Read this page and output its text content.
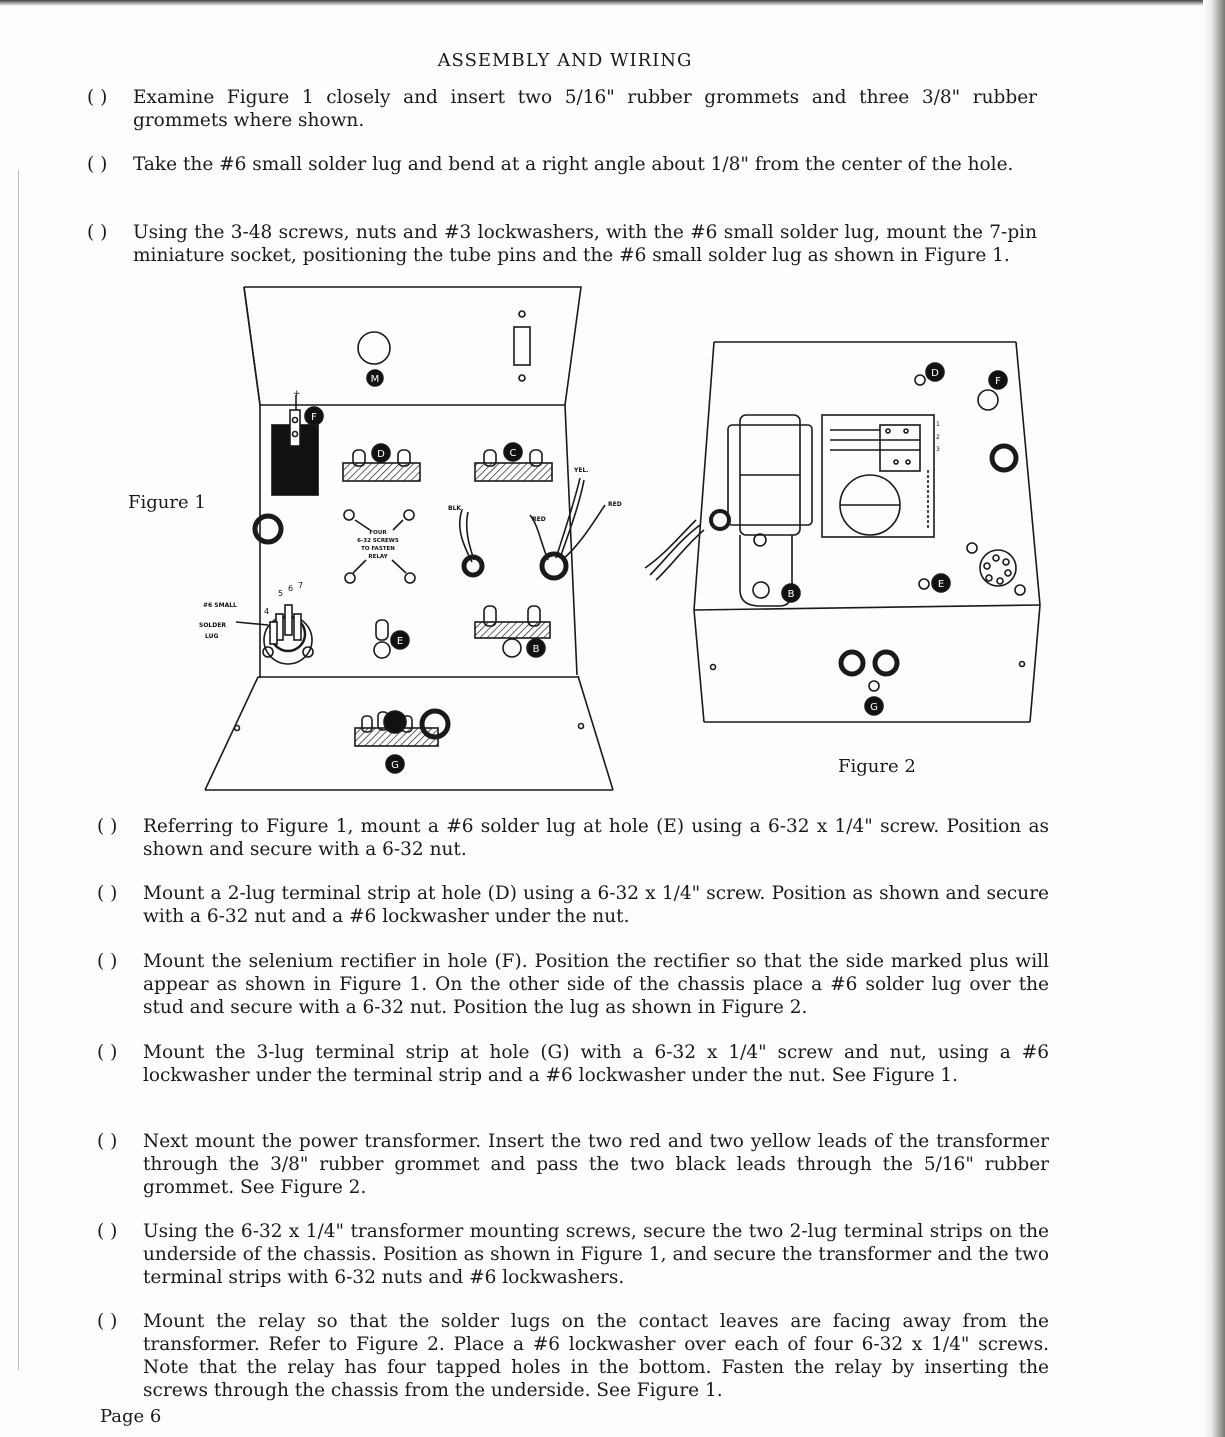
ASSEMBLY AND WIRING
( ) Examine Figure 1 closely and insert two 5/16" rubber grommets and three 3/8" rubber grommets where shown.

( ) Take the #6 small solder lug and bend at a right angle about 1/8" from the center of the hole.

( ) Using the 3-48 screws, nuts and #3 lockwashers, with the #6 small solder lug, mount the 7-pin miniature socket, positioning the tube pins and the #6 small solder lug as shown in Figure 1.

Figure 1
Figure 2
M
+
F
D	C
FOUR
6-32 SCREWS
TO FASTEN
RELAY
BLK.
RED
YEL.
RED
5
6 7
4
#6 SMALL
SOLDER
LUG	E
B
G
B
1
2
3
D
F
E
G
( ) Referring to Figure 1, mount a #6 solder lug at hole (E) using a 6-32 x 1/4" screw. Position as shown and secure with a 6-32 nut.

( ) Mount a 2-lug terminal strip at hole (D) using a 6-32 x 1/4" screw. Position as shown and secure with a 6-32 nut and a #6 lockwasher under the nut.

( ) Mount the selenium rectifier in hole (F). Position the rectifier so that the side marked plus will appear as shown in Figure 1. On the other side of the chassis place a #6 solder lug over the stud and secure with a 6-32 nut. Position the lug as shown in Figure 2.

( ) Mount the 3-lug terminal strip at hole (G) with a 6-32 x 1/4" screw and nut, using a #6 lockwasher under the terminal strip and a #6 lockwasher under the nut. See Figure 1.

( ) Next mount the power transformer. Insert the two red and two yellow leads of the transformer through the 3/8" rubber grommet and pass the two black leads through the 5/16" rubber grommet. See Figure 2.

( ) Using the 6-32 x 1/4" transformer mounting screws, secure the two 2-lug terminal strips on the underside of the chassis. Position as shown in Figure 1, and secure the transformer and the two terminal strips with 6-32 nuts and #6 lockwashers.

( ) Mount the relay so that the solder lugs on the contact leaves are facing away from the transformer. Refer to Figure 2. Place a #6 lockwasher over each of four 6-32 x 1/4" screws. Note that the relay has four tapped holes in the bottom. Fasten the relay by inserting the screws through the chassis from the underside. See Figure 1.

Page 6
